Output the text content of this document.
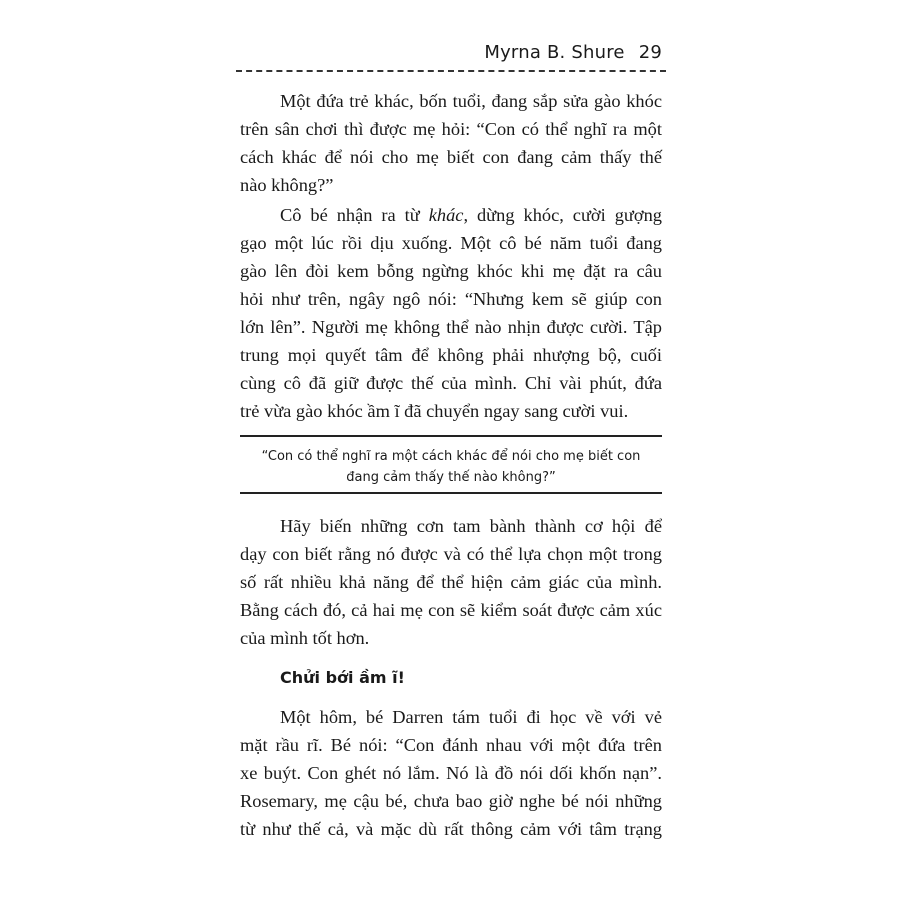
Myrna B. Shure 29
Một đứa trẻ khác, bốn tuổi, đang sắp sửa gào khóc
trên sân chơi thì được mẹ hỏi: “Con có thể nghĩ ra một
cách khác để nói cho mẹ biết con đang cảm thấy thế
nào không?”
Cô bé nhận ra từ khác, dừng khóc, cười gượng
gạo một lúc rồi dịu xuống. Một cô bé năm tuổi đang
gào lên đòi kem bỗng ngừng khóc khi mẹ đặt ra câu
hỏi như trên, ngây ngô nói: “Nhưng kem sẽ giúp con
lớn lên”. Người mẹ không thể nào nhịn được cười. Tập
trung mọi quyết tâm để không phải nhượng bộ, cuối
cùng cô đã giữ được thế của mình. Chỉ vài phút, đứa
trẻ vừa gào khóc ầm ĩ đã chuyển ngay sang cười vui.
“Con có thể nghĩ ra một cách khác để nói cho mẹ biết con
đang cảm thấy thế nào không?”
Hãy biến những cơn tam bành thành cơ hội để
dạy con biết rằng nó được và có thể lựa chọn một trong
số rất nhiều khả năng để thể hiện cảm giác của mình.
Bằng cách đó, cả hai mẹ con sẽ kiểm soát được cảm xúc
của mình tốt hơn.
Chửi bới ầm ĩ!
Một hôm, bé Darren tám tuổi đi học về với vẻ
mặt rầu rĩ. Bé nói: “Con đánh nhau với một đứa trên
xe buýt. Con ghét nó lắm. Nó là đồ nói dối khốn nạn”.
Rosemary, mẹ cậu bé, chưa bao giờ nghe bé nói những
từ như thế cả, và mặc dù rất thông cảm với tâm trạng
